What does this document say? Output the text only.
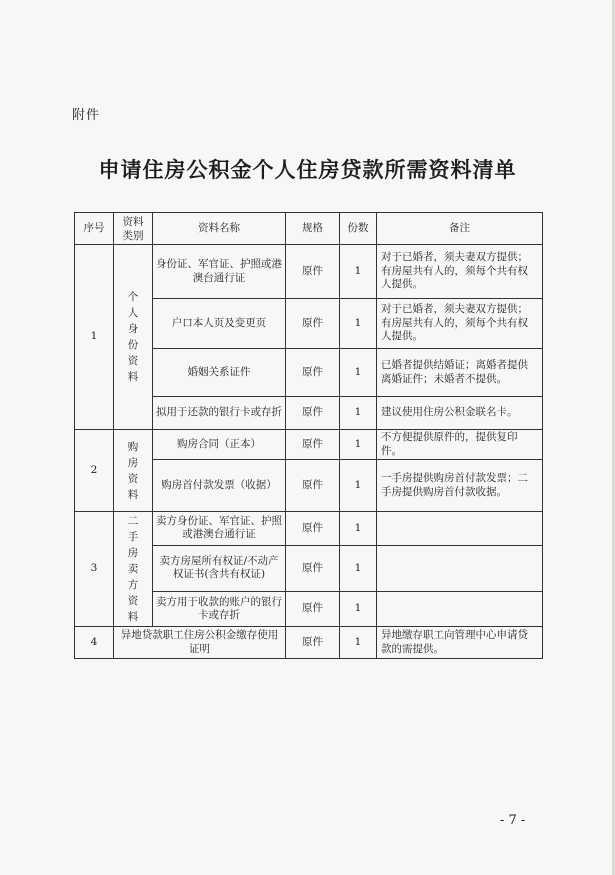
附件
申请住房公积金个人住房贷款所需资料清单
序号	资料类别	资料名称	规格	份数	备注
1	个人身份资料	身份证、军官证、护照或港澳台通行证	原件	1	对于已婚者，须夫妻双方提供；有房屋共有人的，须每个共有权人提供。
		户口本人页及变更页	原件	1	对于已婚者，须夫妻双方提供；有房屋共有人的，须每个共有权人提供。
		婚姻关系证件	原件	1	已婚者提供结婚证；离婚者提供离婚证件；未婚者不提供。
		拟用于还款的银行卡或存折	原件	1	建议使用住房公积金联名卡。
2	购房资料	购房合同（正本）	原件	1	不方便提供原件的，提供复印件。
		购房首付款发票（收据）	原件	1	一手房提供购房首付款发票；二手房提供购房首付款收据。
3	二手房卖方资料	卖方身份证、军官证、护照或港澳台通行证	原件	1	
		卖方房屋所有权证/不动产权证书(含共有权证)	原件	1	
		卖方用于收款的账户的银行卡或存折	原件	1	
4	异地贷款职工住房公积金缴存使用证明		原件	1	异地缴存职工向管理中心申请贷款的需提供。
- 7 -
